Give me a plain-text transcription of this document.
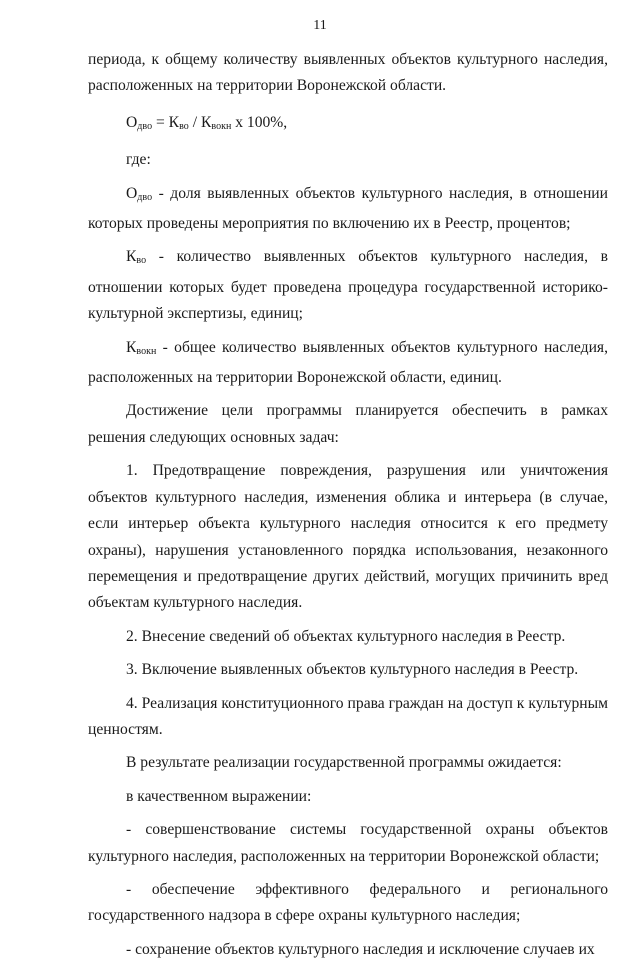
11

периода, к общему количеству выявленных объектов культурного наследия, расположенных на территории Воронежской области.

$О_{двo} = К_{вo} / К_{вoкн}$ х 100%,

где:

$О_{двo}$ - доля выявленных объектов культурного наследия, в отношении которых проведены мероприятия по включению их в Реестр, процентов;

$К_{вo}$ - количество выявленных объектов культурного наследия, в отношении которых будет проведена процедура государственной историко-культурной экспертизы, единиц;

$К_{вoкн}$ - общее количество выявленных объектов культурного наследия, расположенных на территории Воронежской области, единиц.

Достижение цели программы планируется обеспечить в рамках решения следующих основных задач:

1. Предотвращение повреждения, разрушения или уничтожения объектов культурного наследия, изменения облика и интерьера (в случае, если интерьер объекта культурного наследия относится к его предмету охраны), нарушения установленного порядка использования, незаконного перемещения и предотвращение других действий, могущих причинить вред объектам культурного наследия.

2. Внесение сведений об объектах культурного наследия в Реестр.

3. Включение выявленных объектов культурного наследия в Реестр.

4. Реализация конституционного права граждан на доступ к культурным ценностям.

В результате реализации государственной программы ожидается:

в качественном выражении:

- совершенствование системы государственной охраны объектов культурного наследия, расположенных на территории Воронежской области;

- обеспечение эффективного федерального и регионального государственного надзора в сфере охраны культурного наследия;

- сохранение объектов культурного наследия и исключение случаев их
